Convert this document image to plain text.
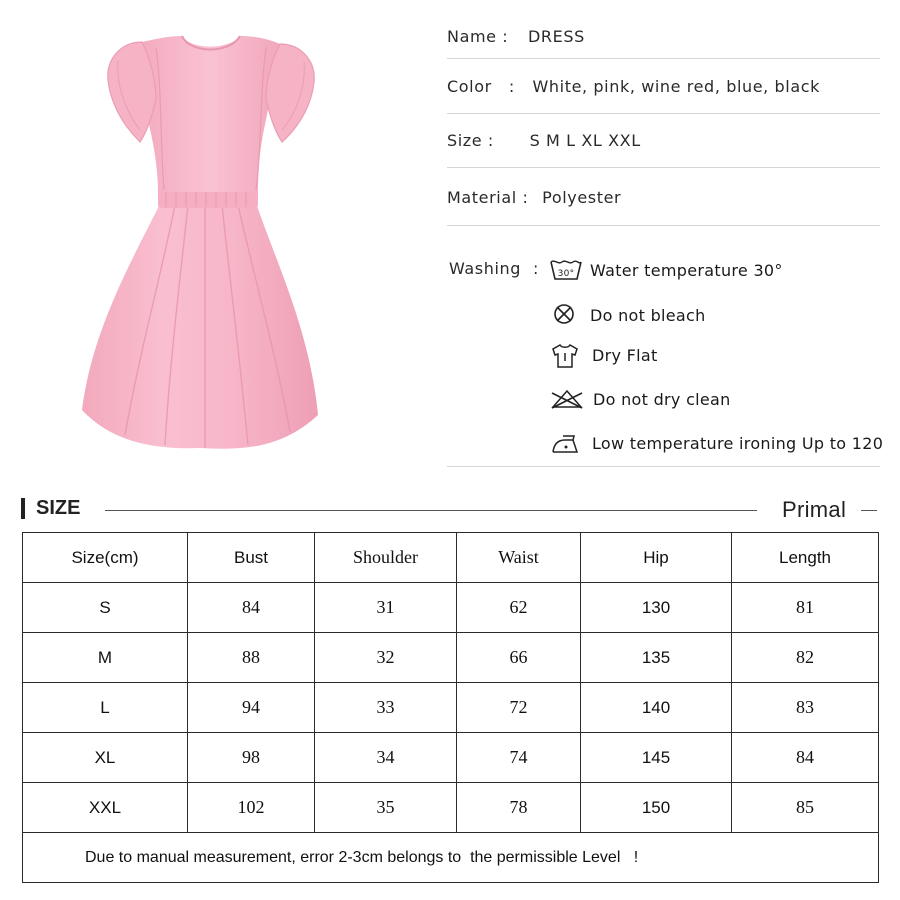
Name : DRESS
Color   : White, pink, wine red, blue, black
Size : S M L XL XXL
Material : Polyester
Washing : 30° Water temperature 30°
Do not bleach
Dry Flat
Do not dry clean
Low temperature ironing Up to 120
SIZE	Primal
Size(cm)	Bust	Shoulder	Waist	Hip	Length
S	84	31	62	130	81
M	88	32	66	135	82
L	94	33	72	140	83
XL	98	34	74	145	84
XXL	102	35	78	150	85
Due to manual measurement, error 2-3cm belongs to  the permissible Level   !					
